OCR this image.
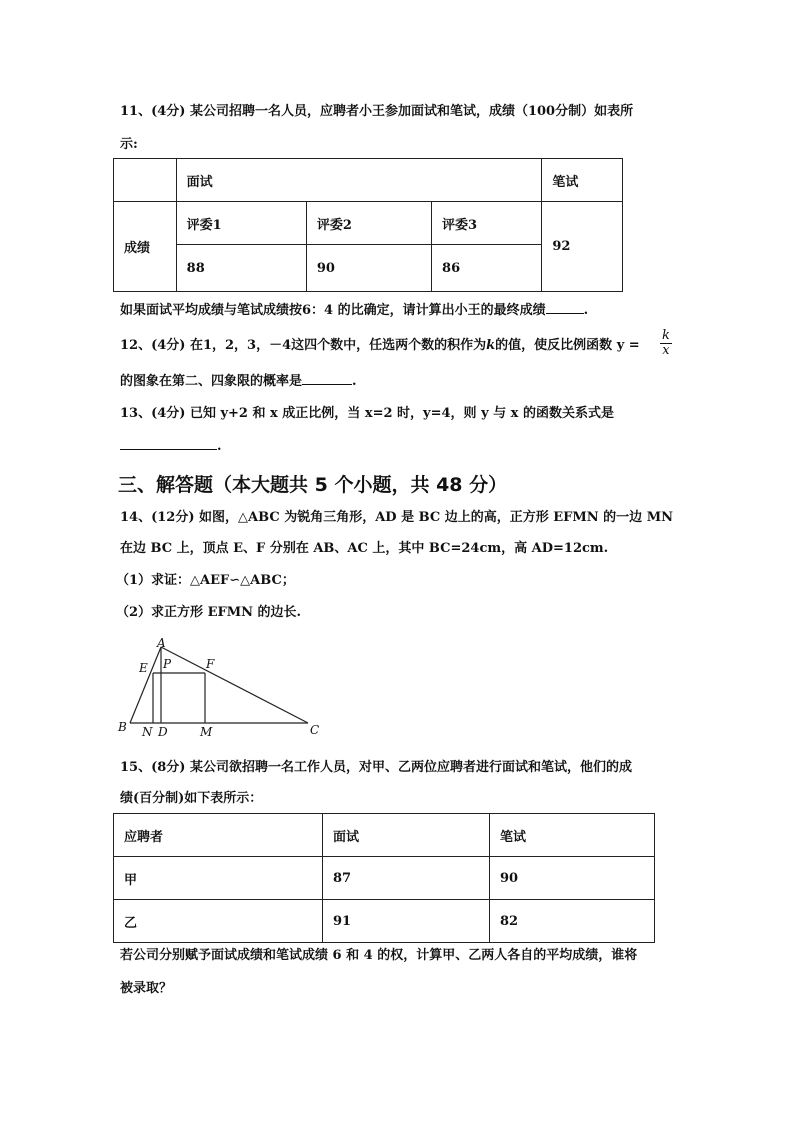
11、(4分) 某公司招聘一名人员，应聘者小王参加面试和笔试，成绩（100分制）如表所
示:
	面试			笔试
成绩	评委1	评委2	评委3	92
	88	90	86	
如果面试平均成绩与笔试成绩按6：4 的比确定，请计算出小王的最终成绩	.
12、(4分) 在1，2，3，－4这四个数中，任选两个数的积作为k的值，使反比例函数 y =	$\frac{k}{x}$
的图象在第二、四象限的概率是	.
13、(4分) 已知 y+2 和 x 成正比例，当 x=2 时，y=4，则 y 与 x 的函数关系式是
.
三、解答题（本大题共 5 个小题，共 48 分）
14、(12分) 如图，△ABC 为锐角三角形，AD 是 BC 边上的高，正方形 EFMN 的一边 MN
在边 BC 上，顶点 E、F 分别在 AB、AC 上，其中 BC=24cm，高 AD=12cm.
（1）求证：△AEF∽△ABC；
（2）求正方形 EFMN 的边长.
A
B	C
D
E	F
M
N
P
15、(8分) 某公司欲招聘一名工作人员，对甲、乙两位应聘者进行面试和笔试，他们的成
绩(百分制)如下表所示：
应聘者	面试	笔试
甲	87	90
乙	91	82
若公司分别赋予面试成绩和笔试成绩 6 和 4 的权，计算甲、乙两人各自的平均成绩，谁将
被录取？
